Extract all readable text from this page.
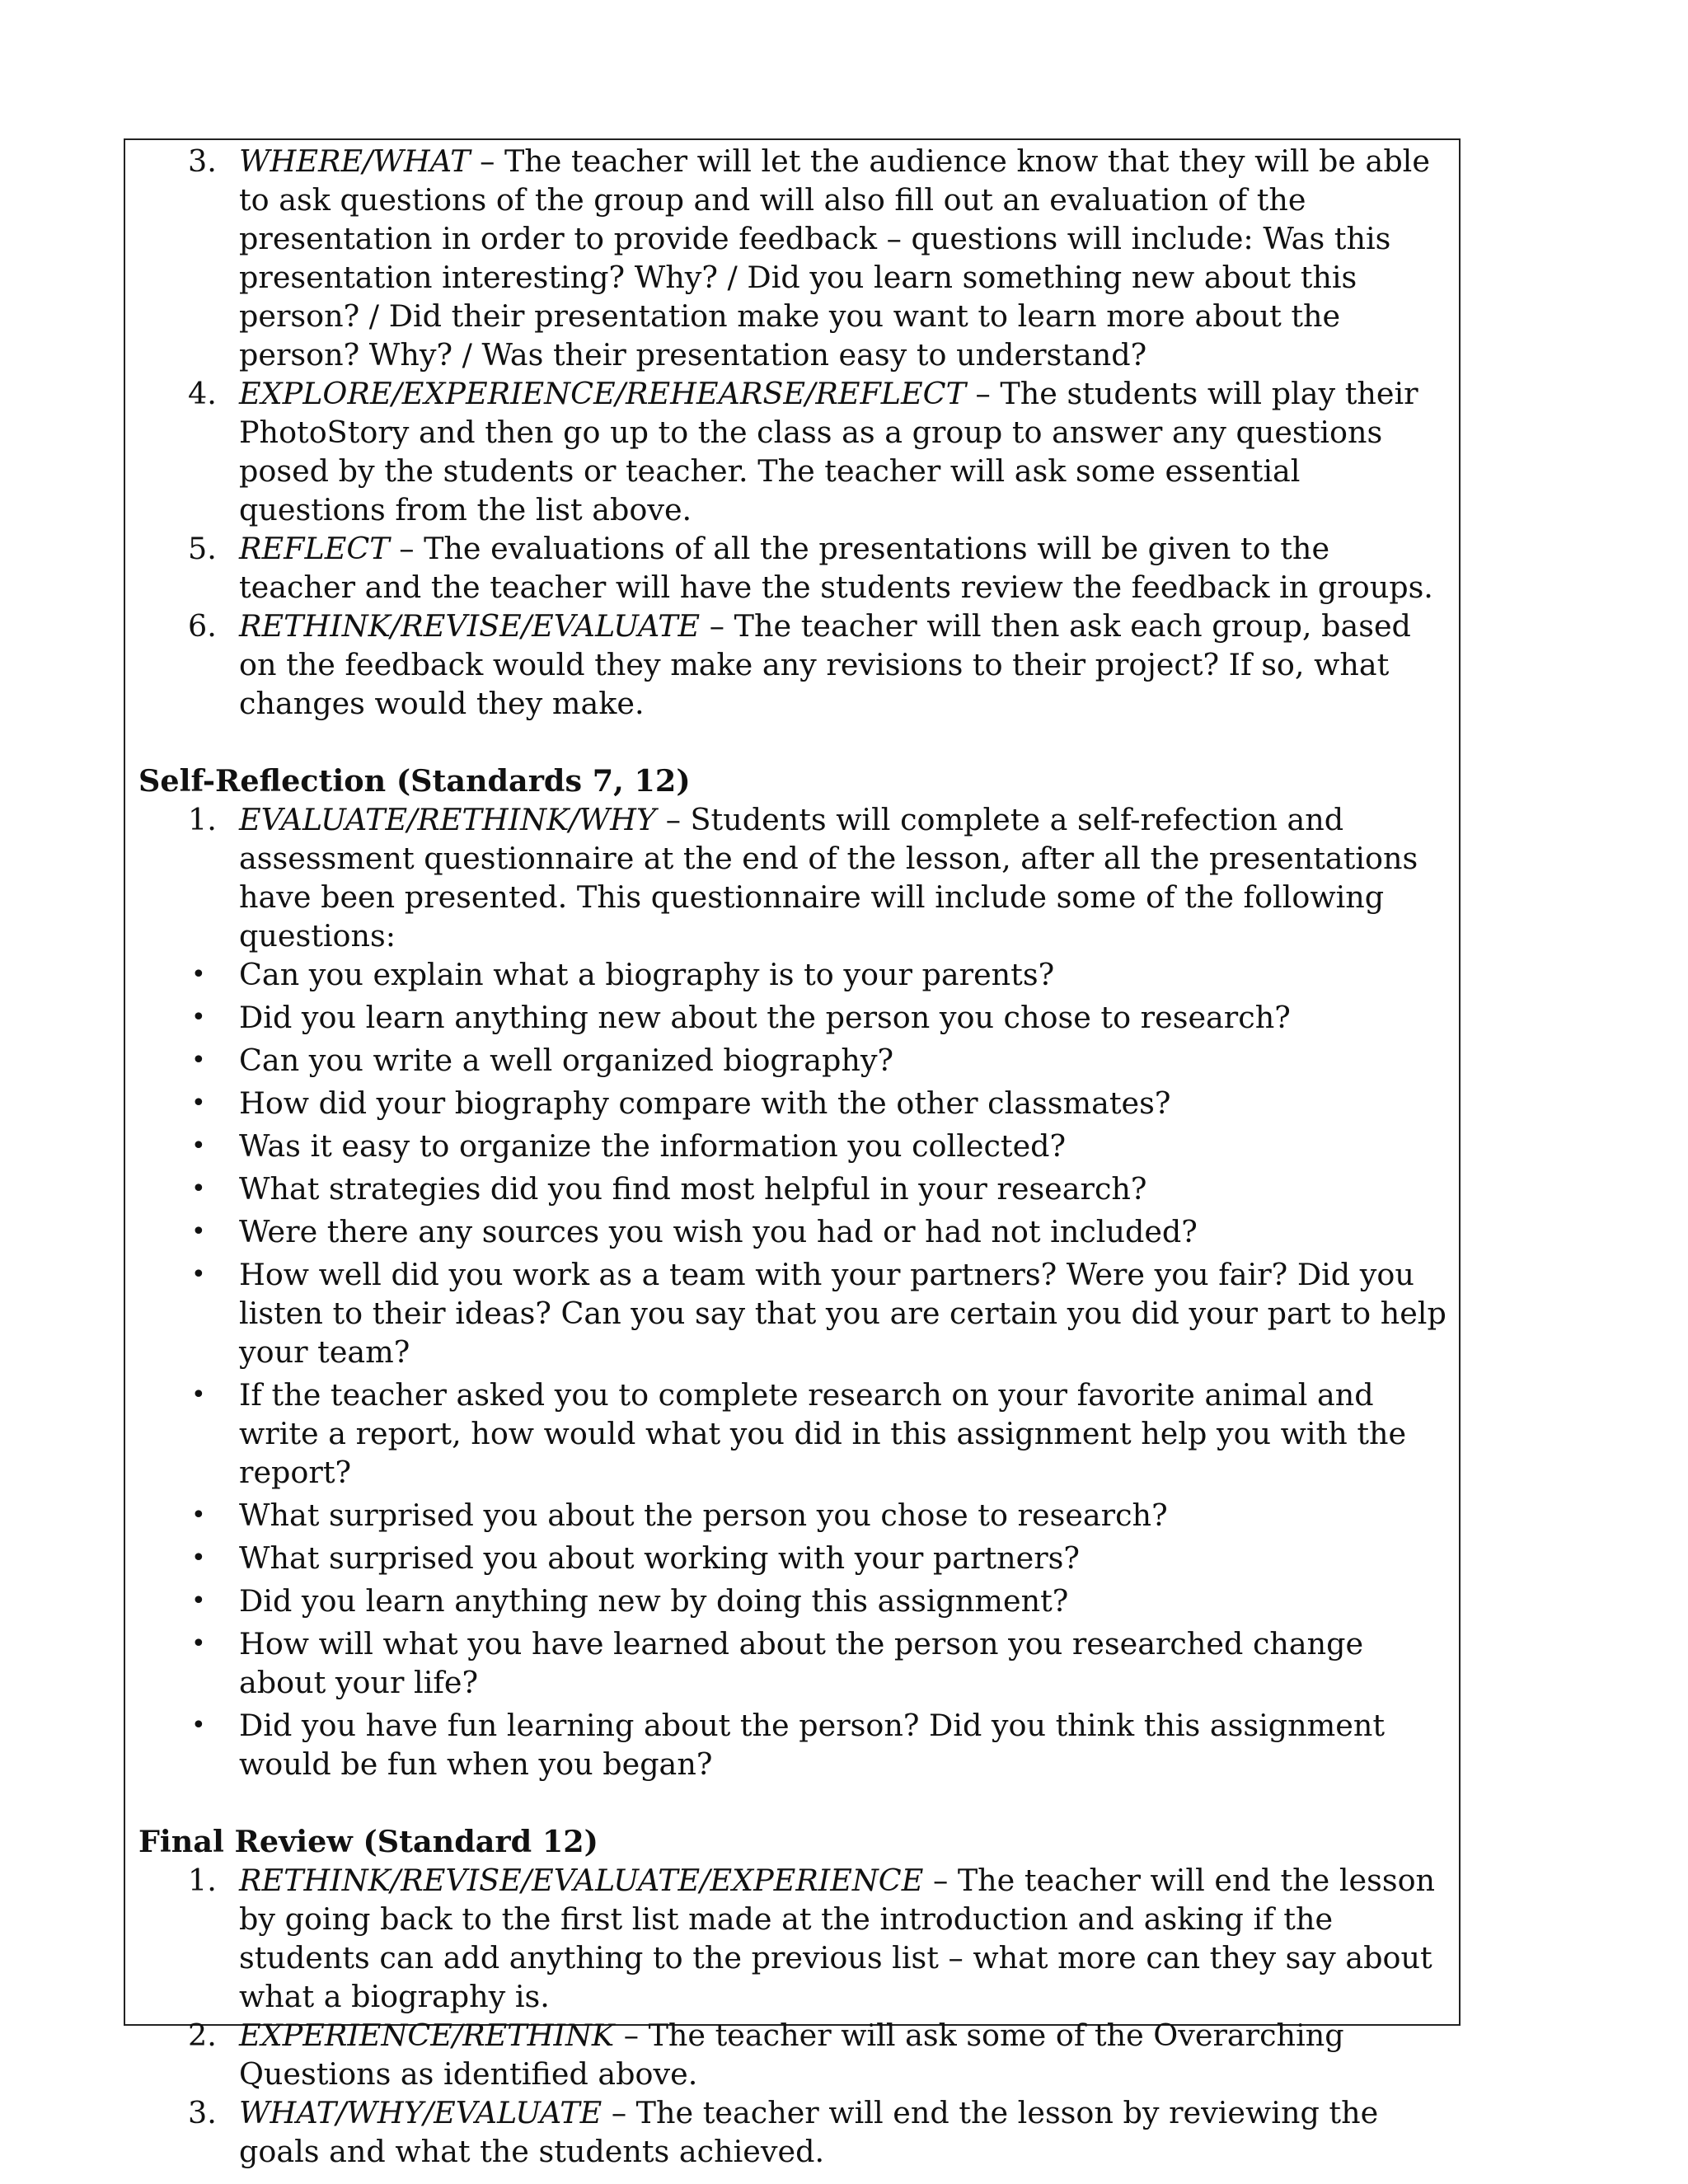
3. WHERE/WHAT – The teacher will let the audience know that they will be able to ask questions of the group and will also fill out an evaluation of the presentation in order to provide feedback – questions will include: Was this presentation interesting? Why? / Did you learn something new about this person? / Did their presentation make you want to learn more about the person? Why? / Was their presentation easy to understand?
4. EXPLORE/EXPERIENCE/REHEARSE/REFLECT – The students will play their PhotoStory and then go up to the class as a group to answer any questions posed by the students or teacher. The teacher will ask some essential questions from the list above.
5. REFLECT – The evaluations of all the presentations will be given to the teacher and the teacher will have the students review the feedback in groups.
6. RETHINK/REVISE/EVALUATE – The teacher will then ask each group, based on the feedback would they make any revisions to their project? If so, what changes would they make.
Self-Reflection (Standards 7, 12)
1. EVALUATE/RETHINK/WHY – Students will complete a self-refection and assessment questionnaire at the end of the lesson, after all the presentations have been presented. This questionnaire will include some of the following questions:
• Can you explain what a biography is to your parents?
• Did you learn anything new about the person you chose to research?
• Can you write a well organized biography?
• How did your biography compare with the other classmates?
• Was it easy to organize the information you collected?
• What strategies did you find most helpful in your research?
• Were there any sources you wish you had or had not included?
• How well did you work as a team with your partners? Were you fair? Did you listen to their ideas? Can you say that you are certain you did your part to help your team?
• If the teacher asked you to complete research on your favorite animal and write a report, how would what you did in this assignment help you with the report?
• What surprised you about the person you chose to research?
• What surprised you about working with your partners?
• Did you learn anything new by doing this assignment?
• How will what you have learned about the person you researched change about your life?
• Did you have fun learning about the person? Did you think this assignment would be fun when you began?
Final Review (Standard 12)
1. RETHINK/REVISE/EVALUATE/EXPERIENCE – The teacher will end the lesson by going back to the first list made at the introduction and asking if the students can add anything to the previous list – what more can they say about what a biography is.
2. EXPERIENCE/RETHINK – The teacher will ask some of the Overarching Questions as identified above.
3. WHAT/WHY/EVALUATE – The teacher will end the lesson by reviewing the goals and what the students achieved.
